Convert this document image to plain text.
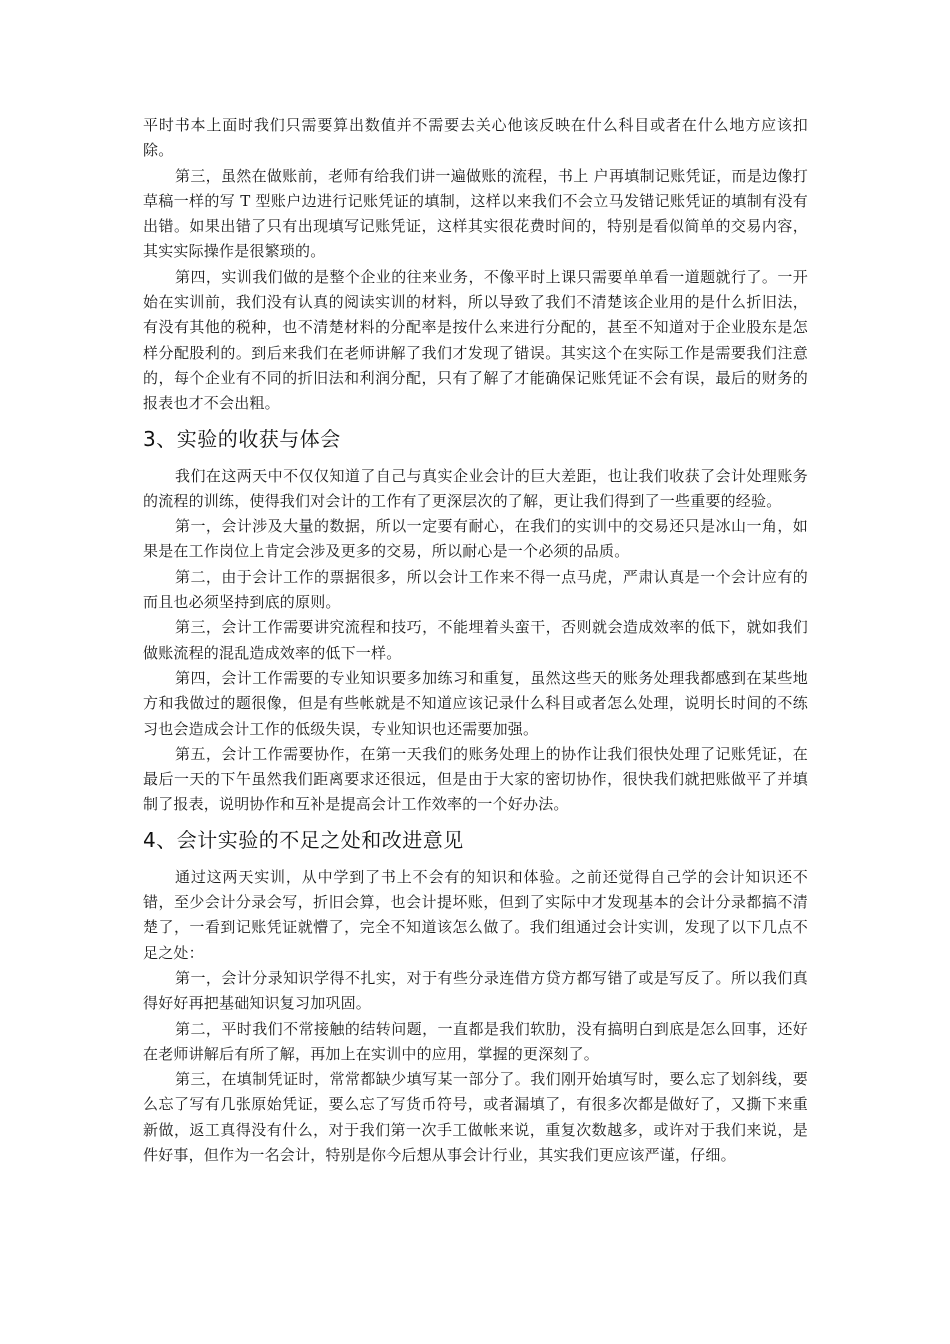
平时书本上面时我们只需要算出数值并不需要去关心他该反映在什么科目或者在什么地方应该扣除。

第三，虽然在做账前，老师有给我们讲一遍做账的流程，书上 户再填制记账凭证，而是边像打草稿一样的写 T 型账户边进行记账凭证的填制，这样以来我们不会立马发错记账凭证的填制有没有出错。如果出错了只有出现填写记账凭证，这样其实很花费时间的，特别是看似简单的交易内容，其实实际操作是很繁琐的。

第四，实训我们做的是整个企业的往来业务，不像平时上课只需要单单看一道题就行了。一开始在实训前，我们没有认真的阅读实训的材料，所以导致了我们不清楚该企业用的是什么折旧法，有没有其他的税种，也不清楚材料的分配率是按什么来进行分配的，甚至不知道对于企业股东是怎样分配股利的。到后来我们在老师讲解了我们才发现了错误。其实这个在实际工作是需要我们注意的，每个企业有不同的折旧法和利润分配，只有了解了才能确保记账凭证不会有误，最后的财务的报表也才不会出粗。

3、实验的收获与体会

我们在这两天中不仅仅知道了自己与真实企业会计的巨大差距，也让我们收获了会计处理账务的流程的训练，使得我们对会计的工作有了更深层次的了解，更让我们得到了一些重要的经验。

第一，会计涉及大量的数据，所以一定要有耐心，在我们的实训中的交易还只是冰山一角，如果是在工作岗位上肯定会涉及更多的交易，所以耐心是一个必须的品质。

第二，由于会计工作的票据很多，所以会计工作来不得一点马虎，严肃认真是一个会计应有的而且也必须坚持到底的原则。

第三，会计工作需要讲究流程和技巧，不能埋着头蛮干，否则就会造成效率的低下，就如我们做账流程的混乱造成效率的低下一样。

第四，会计工作需要的专业知识要多加练习和重复，虽然这些天的账务处理我都感到在某些地方和我做过的题很像，但是有些帐就是不知道应该记录什么科目或者怎么处理，说明长时间的不练习也会造成会计工作的低级失误，专业知识也还需要加强。

第五，会计工作需要协作，在第一天我们的账务处理上的协作让我们很快处理了记账凭证，在最后一天的下午虽然我们距离要求还很远，但是由于大家的密切协作，很快我们就把账做平了并填制了报表，说明协作和互补是提高会计工作效率的一个好办法。

4、会计实验的不足之处和改进意见

通过这两天实训，从中学到了书上不会有的知识和体验。之前还觉得自己学的会计知识还不错，至少会计分录会写，折旧会算，也会计提坏账，但到了实际中才发现基本的会计分录都搞不清楚了，一看到记账凭证就懵了，完全不知道该怎么做了。我们组通过会计实训，发现了以下几点不足之处：

第一，会计分录知识学得不扎实，对于有些分录连借方贷方都写错了或是写反了。所以我们真得好好再把基础知识复习加巩固。

第二，平时我们不常接触的结转问题，一直都是我们软肋，没有搞明白到底是怎么回事，还好在老师讲解后有所了解，再加上在实训中的应用，掌握的更深刻了。

第三，在填制凭证时，常常都缺少填写某一部分了。我们刚开始填写时，要么忘了划斜线，要么忘了写有几张原始凭证，要么忘了写货币符号，或者漏填了，有很多次都是做好了，又撕下来重新做，返工真得没有什么，对于我们第一次手工做帐来说，重复次数越多，或许对于我们来说，是件好事，但作为一名会计，特别是你今后想从事会计行业，其实我们更应该严谨，仔细。
